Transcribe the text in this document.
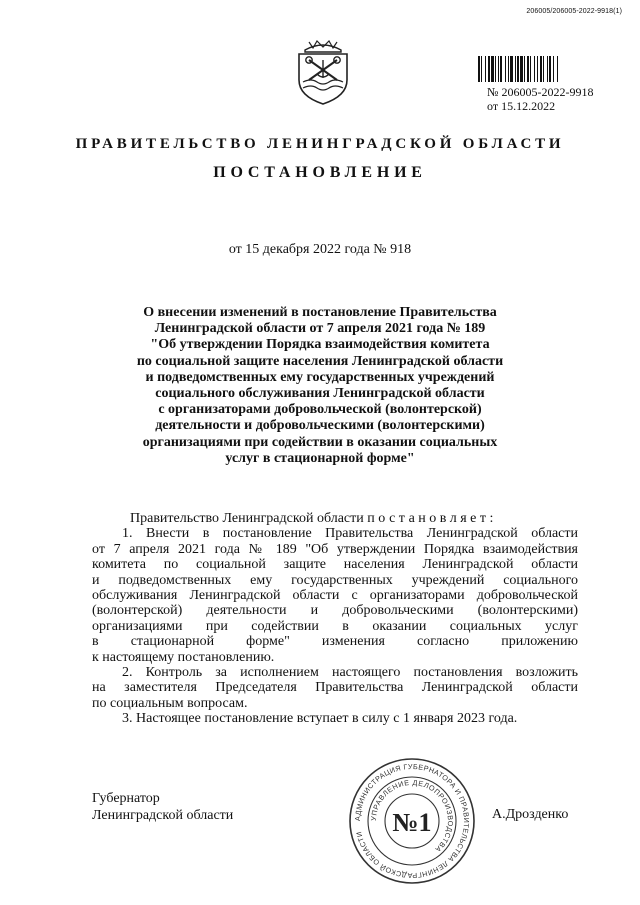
206005/206005-2022-9918(1)
№ 206005-2022-9918
от 15.12.2022
ПРАВИТЕЛЬСТВО ЛЕНИНГРАДСКОЙ ОБЛАСТИ
ПОСТАНОВЛЕНИЕ
от 15 декабря 2022 года № 918
О внесении изменений в постановление Правительства
Ленинградской области от 7 апреля 2021 года № 189
"Об утверждении Порядка взаимодействия комитета
по социальной защите населения Ленинградской области
и подведомственных ему государственных учреждений
социального обслуживания Ленинградской области
с организаторами добровольческой (волонтерской)
деятельности и добровольческими (волонтерскими)
организациями при содействии в оказании социальных
услуг в стационарной форме"
Правительство Ленинградской области постановляет:
1. Внести в постановление Правительства Ленинградской области
от 7 апреля 2021 года № 189 "Об утверждении Порядка взаимодействия
комитета по социальной защите населения Ленинградской области
и подведомственных ему государственных учреждений социального
обслуживания Ленинградской области с организаторами добровольческой
(волонтерской) деятельности и добровольческими (волонтерскими)
организациями при содействии в оказании социальных услуг
в стационарной форме" изменения согласно приложению
к настоящему постановлению.
2. Контроль за исполнением настоящего постановления возложить
на заместителя Председателя Правительства Ленинградской области
по социальным вопросам.
3. Настоящее постановление вступает в силу с 1 января 2023 года.
Губернатор
Ленинградской области	А.Дрозденко
АДМИНИСТРАЦИЯ ГУБЕРНАТОРА И ПРАВИТЕЛЬСТВА ЛЕНИНГРАДСКОЙ ОБЛАСТИ
УПРАВЛЕНИЕ ДЕЛОПРОИЗВОДСТВА
№1
